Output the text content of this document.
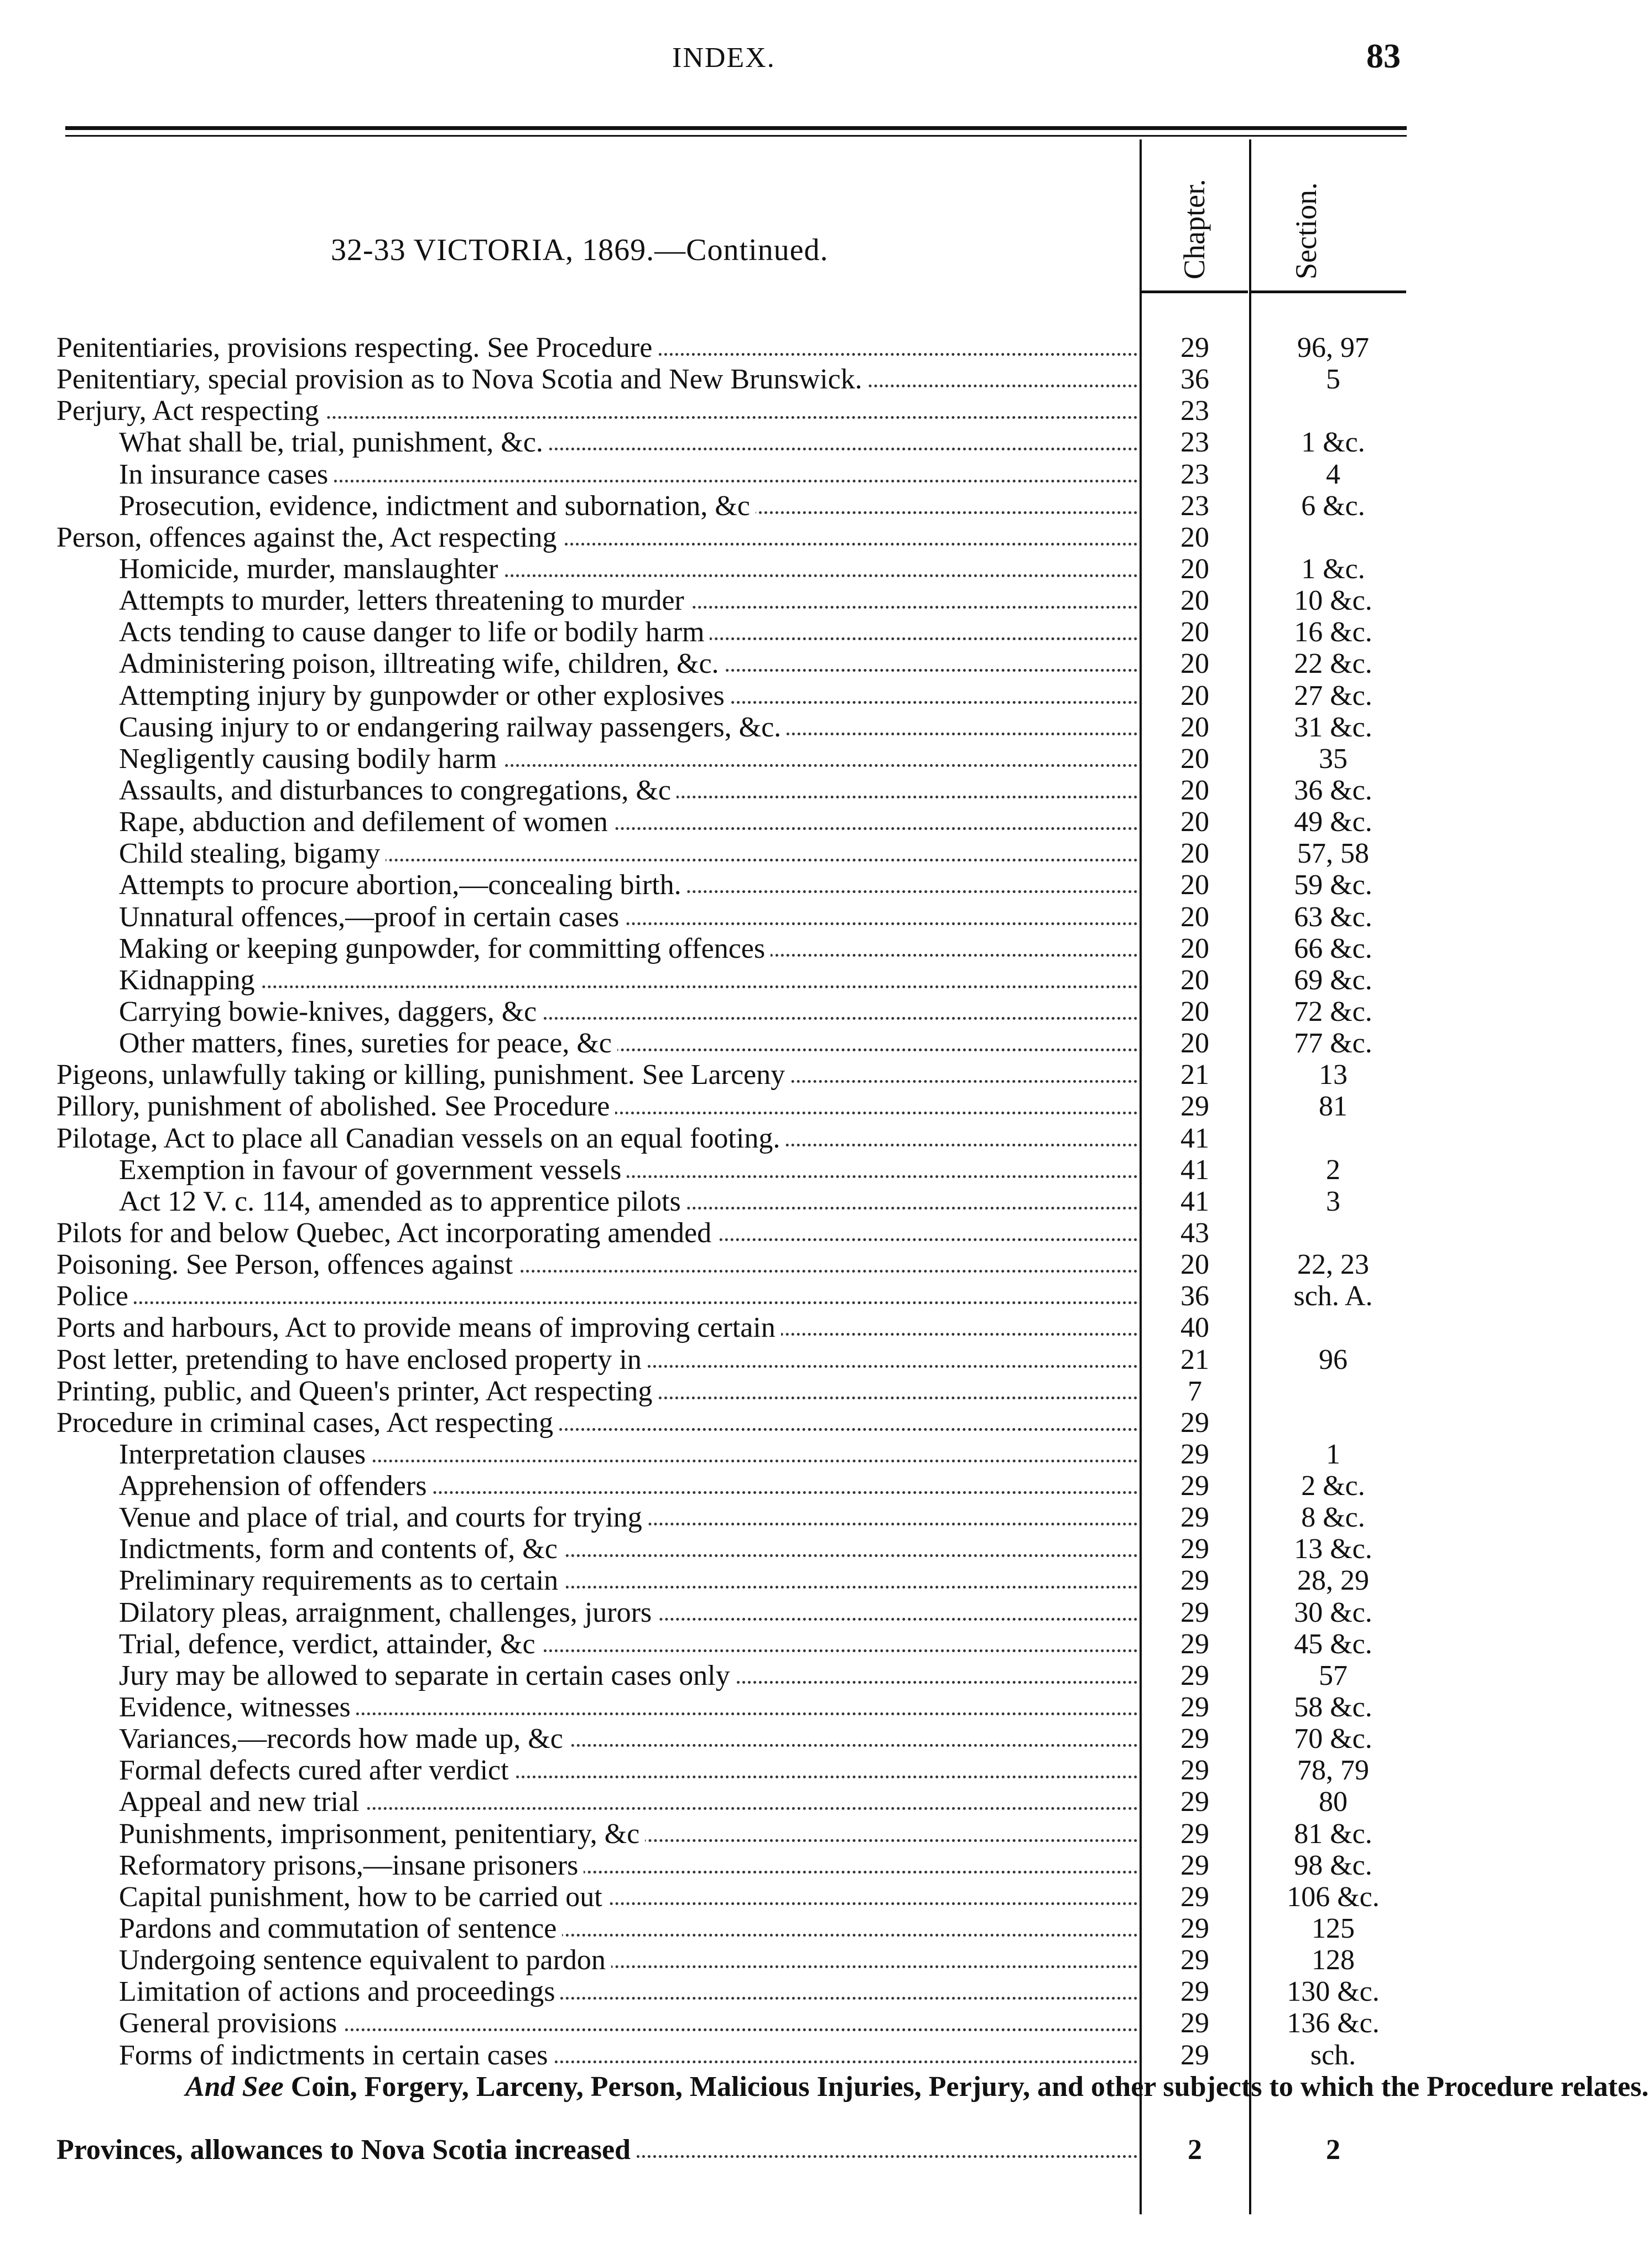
INDEX.	83
Chapter.	Section.
32-33 VICTORIA, 1869.—Continued.
Penitentiaries, provisions respecting. See Procedure	29	96, 97
Penitentiary, special provision as to Nova Scotia and New Brunswick.	36	5
Perjury, Act respecting	23
What shall be, trial, punishment, &c.	23	1 &c.
In insurance cases	23	4
Prosecution, evidence, indictment and subornation, &c	23	6 &c.
Person, offences against the, Act respecting	20
Homicide, murder, manslaughter	20	1 &c.
Attempts to murder, letters threatening to murder	20	10 &c.
Acts tending to cause danger to life or bodily harm	20	16 &c.
Administering poison, illtreating wife, children, &c.	20	22 &c.
Attempting injury by gunpowder or other explosives	20	27 &c.
Causing injury to or endangering railway passengers, &c.	20	31 &c.
Negligently causing bodily harm	20	35
Assaults, and disturbances to congregations, &c	20	36 &c.
Rape, abduction and defilement of women	20	49 &c.
Child stealing, bigamy	20	57, 58
Attempts to procure abortion,—concealing birth.	20	59 &c.
Unnatural offences,—proof in certain cases	20	63 &c.
Making or keeping gunpowder, for committing offences	20	66 &c.
Kidnapping	20	69 &c.
Carrying bowie-knives, daggers, &c	20	72 &c.
Other matters, fines, sureties for peace, &c	20	77 &c.
Pigeons, unlawfully taking or killing, punishment. See Larceny	21	13
Pillory, punishment of abolished. See Procedure	29	81
Pilotage, Act to place all Canadian vessels on an equal footing.	41
Exemption in favour of government vessels	41	2
Act 12 V. c. 114, amended as to apprentice pilots	41	3
Pilots for and below Quebec, Act incorporating amended	43
Poisoning. See Person, offences against	20	22, 23
Police	36	sch. A.
Ports and harbours, Act to provide means of improving certain	40
Post letter, pretending to have enclosed property in	21	96
Printing, public, and Queen's printer, Act respecting	7
Procedure in criminal cases, Act respecting	29
Interpretation clauses	29	1
Apprehension of offenders	29	2 &c.
Venue and place of trial, and courts for trying	29	8 &c.
Indictments, form and contents of, &c	29	13 &c.
Preliminary requirements as to certain	29	28, 29
Dilatory pleas, arraignment, challenges, jurors	29	30 &c.
Trial, defence, verdict, attainder, &c	29	45 &c.
Jury may be allowed to separate in certain cases only	29	57
Evidence, witnesses	29	58 &c.
Variances,—records how made up, &c	29	70 &c.
Formal defects cured after verdict	29	78, 79
Appeal and new trial	29	80
Punishments, imprisonment, penitentiary, &c	29	81 &c.
Reformatory prisons,—insane prisoners	29	98 &c.
Capital punishment, how to be carried out	29	106 &c.
Pardons and commutation of sentence	29	125
Undergoing sentence equivalent to pardon	29	128
Limitation of actions and proceedings	29	130 &c.
General provisions	29	136 &c.
Forms of indictments in certain cases	29	sch.
And See Coin, Forgery, Larceny, Person, Malicious Injuries, Perjury, and other subjects to which the Procedure relates.
Provinces, allowances to Nova Scotia increased	2	2
